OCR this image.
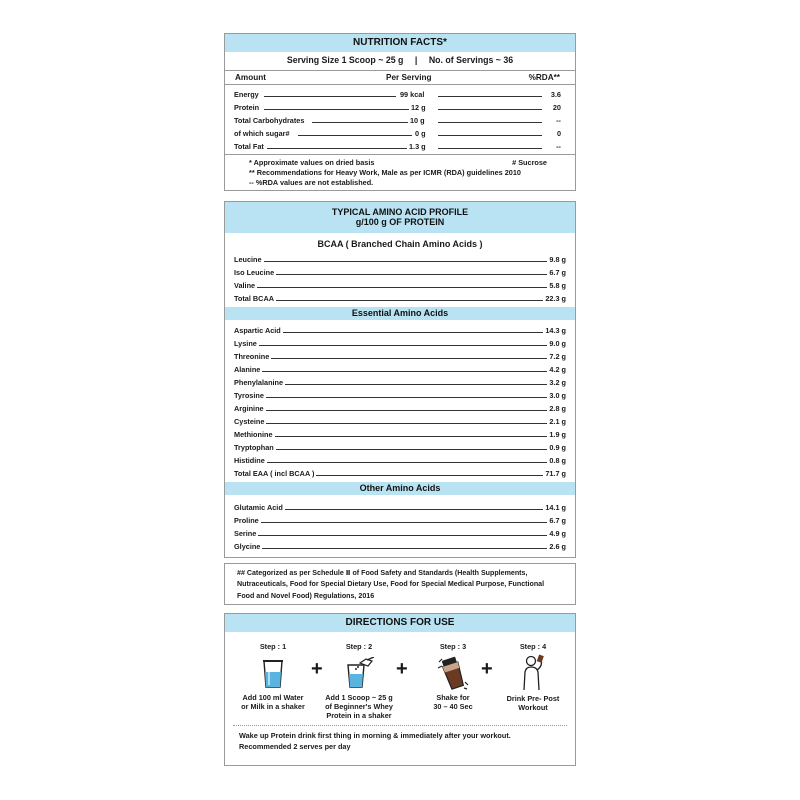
NUTRITION FACTS*
Serving Size 1 Scoop ~ 25 g | No. of Servings ~ 36
Amount	Per Serving	%RDA**
Energy	99 kcal	3.6
Protein	12 g	20
Total Carbohydrates	10 g	--
of which sugar#	0 g	0
Total Fat	1.3 g	--
* Approximate values on dried basis	# Sucrose
** Recommendations for Heavy Work, Male as per ICMR (RDA) guidelines 2010
-- %RDA values are not established.
TYPICAL AMINO ACID PROFILE
g/100 g OF PROTEIN
BCAA ( Branched Chain Amino Acids )
Leucine	9.8 g
Iso Leucine	6.7 g
Valine	5.8 g
Total BCAA	22.3 g
Essential Amino Acids
Aspartic Acid	14.3 g
Lysine	9.0 g
Threonine	7.2 g
Alanine	4.2 g
Phenylalanine	3.2 g
Tyrosine	3.0 g
Arginine	2.8 g
Cysteine	2.1 g
Methionine	1.9 g
Tryptophan	0.9 g
Histidine	0.8 g
Total EAA ( incl BCAA )	71.7 g
Other Amino Acids
Glutamic Acid	14.1 g
Proline	6.7 g
Serine	4.9 g
Glycine	2.6 g
## Categorized as per Schedule Ⅱ of Food Safety and Standards (Health Supplements,
Nutraceuticals, Food for Special Dietary Use, Food for Special Medical Purpose, Functional
Food and Novel Food) Regulations, 2016
DIRECTIONS FOR USE
Step : 1
Add 100 ml Water
or Milk in a shaker
+
Step : 2
Add 1 Scoop ~ 25 g
of Beginner's Whey
Protein in a shaker
+
Step : 3
Shake for
30 – 40 Sec
+
Step : 4
Drink Pre- Post
Workout
Wake up Protein drink first thing in morning & immediately after your workout.
Recommended 2 serves per day
